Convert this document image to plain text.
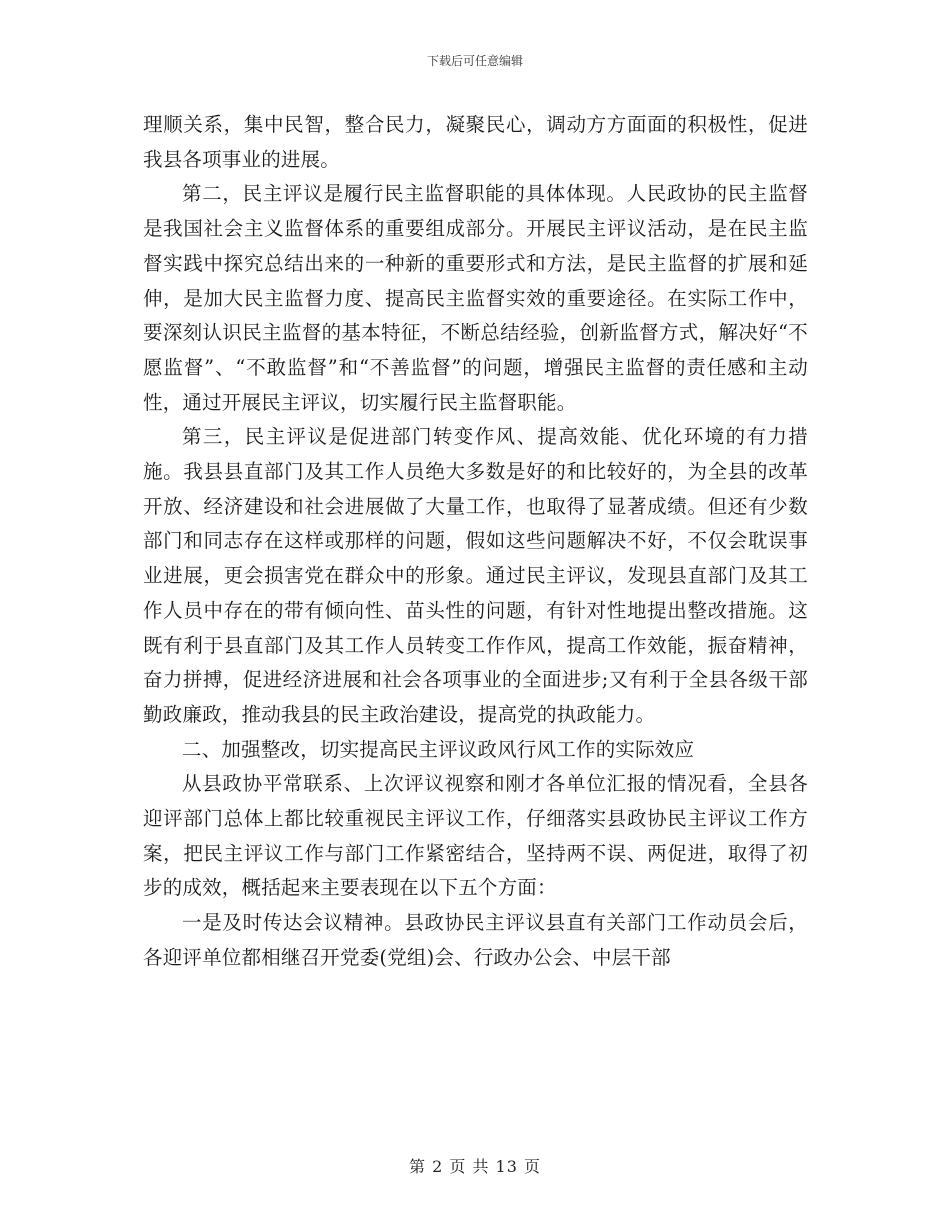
下载后可任意编辑

理顺关系，集中民智，整合民力，凝聚民心，调动方方面面的积极性，促进我县各项事业的进展。

第二，民主评议是履行民主监督职能的具体体现。人民政协的民主监督是我国社会主义监督体系的重要组成部分。开展民主评议活动，是在民主监督实践中探究总结出来的一种新的重要形式和方法，是民主监督的扩展和延伸，是加大民主监督力度、提高民主监督实效的重要途径。在实际工作中，要深刻认识民主监督的基本特征，不断总结经验，创新监督方式，解决好“不愿监督”、“不敢监督”和“不善监督”的问题，增强民主监督的责任感和主动性，通过开展民主评议，切实履行民主监督职能。

第三，民主评议是促进部门转变作风、提高效能、优化环境的有力措施。我县县直部门及其工作人员绝大多数是好的和比较好的，为全县的改革开放、经济建设和社会进展做了大量工作，也取得了显著成绩。但还有少数部门和同志存在这样或那样的问题，假如这些问题解决不好，不仅会耽误事业进展，更会损害党在群众中的形象。通过民主评议，发现县直部门及其工作人员中存在的带有倾向性、苗头性的问题，有针对性地提出整改措施。这既有利于县直部门及其工作人员转变工作作风，提高工作效能，振奋精神，奋力拼搏，促进经济进展和社会各项事业的全面进步;又有利于全县各级干部勤政廉政，推动我县的民主政治建设，提高党的执政能力。

二、加强整改，切实提高民主评议政风行风工作的实际效应

从县政协平常联系、上次评议视察和刚才各单位汇报的情况看，全县各迎评部门总体上都比较重视民主评议工作，仔细落实县政协民主评议工作方案，把民主评议工作与部门工作紧密结合，坚持两不误、两促进，取得了初步的成效，概括起来主要表现在以下五个方面：

一是及时传达会议精神。县政协民主评议县直有关部门工作动员会后，各迎评单位都相继召开党委(党组)会、行政办公会、中层干部

第 2 页 共 13 页
